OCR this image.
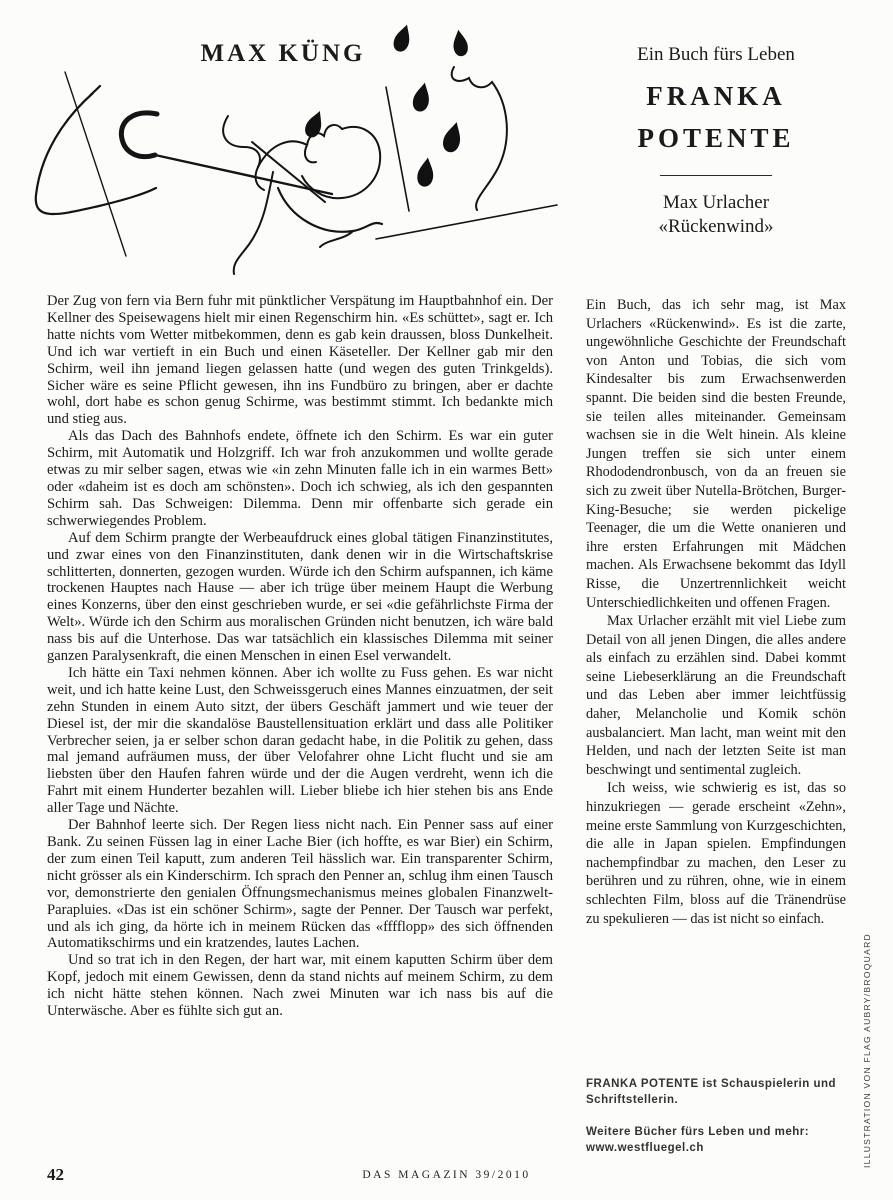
MAX KÜNG

Der Zug von fern via Bern fuhr mit pünktlicher Verspätung im Hauptbahnhof ein. Der Kellner des Speisewagens hielt mir einen Regenschirm hin. «Es schüttet», sagt er. Ich hatte nichts vom Wetter mitbekommen, denn es gab kein draussen, bloss Dunkelheit. Und ich war vertieft in ein Buch und einen Käseteller. Der Kellner gab mir den Schirm, weil ihn jemand liegen gelassen hatte (und wegen des guten Trinkgelds). Sicher wäre es seine Pflicht gewesen, ihn ins Fundbüro zu bringen, aber er dachte wohl, dort habe es schon genug Schirme, was bestimmt stimmt. Ich bedankte mich und stieg aus.

Als das Dach des Bahnhofs endete, öffnete ich den Schirm. Es war ein guter Schirm, mit Automatik und Holzgriff. Ich war froh anzukommen und wollte gerade etwas zu mir selber sagen, etwas wie «in zehn Minuten falle ich in ein warmes Bett» oder «daheim ist es doch am schönsten». Doch ich schwieg, als ich den gespannten Schirm sah. Das Schweigen: Dilemma. Denn mir offenbarte sich gerade ein schwerwiegendes Problem.

Auf dem Schirm prangte der Werbeaufdruck eines global tätigen Finanzinstitutes, und zwar eines von den Finanzinstituten, dank denen wir in die Wirtschaftskrise schlitterten, donnerten, gezogen wurden. Würde ich den Schirm aufspannen, ich käme trockenen Hauptes nach Hause — aber ich trüge über meinem Haupt die Werbung eines Konzerns, über den einst geschrieben wurde, er sei «die gefährlichste Firma der Welt». Würde ich den Schirm aus moralischen Gründen nicht benutzen, ich wäre bald nass bis auf die Unterhose. Das war tatsächlich ein klassisches Dilemma mit seiner ganzen Paralysenkraft, die einen Menschen in einen Esel verwandelt.

Ich hätte ein Taxi nehmen können. Aber ich wollte zu Fuss gehen. Es war nicht weit, und ich hatte keine Lust, den Schweissgeruch eines Mannes einzuatmen, der seit zehn Stunden in einem Auto sitzt, der übers Geschäft jammert und wie teuer der Diesel ist, der mir die skandalöse Baustellensituation erklärt und dass alle Politiker Verbrecher seien, ja er selber schon daran gedacht habe, in die Politik zu gehen, dass mal jemand aufräumen muss, der über Velofahrer ohne Licht flucht und sie am liebsten über den Haufen fahren würde und der die Augen verdreht, wenn ich die Fahrt mit einem Hunderter bezahlen will. Lieber bliebe ich hier stehen bis ans Ende aller Tage und Nächte.

Der Bahnhof leerte sich. Der Regen liess nicht nach. Ein Penner sass auf einer Bank. Zu seinen Füssen lag in einer Lache Bier (ich hoffte, es war Bier) ein Schirm, der zum einen Teil kaputt, zum anderen Teil hässlich war. Ein transparenter Schirm, nicht grösser als ein Kinderschirm. Ich sprach den Penner an, schlug ihm einen Tausch vor, demonstrierte den genialen Öffnungsmechanismus meines globalen Finanzwelt-Parapluies. «Das ist ein schöner Schirm», sagte der Penner. Der Tausch war perfekt, und als ich ging, da hörte ich in meinem Rücken das «fffflopp» des sich öffnenden Automatikschirms und ein kratzendes, lautes Lachen.

Und so trat ich in den Regen, der hart war, mit einem kaputten Schirm über dem Kopf, jedoch mit einem Gewissen, denn da stand nichts auf meinem Schirm, zu dem ich nicht hätte stehen können. Nach zwei Minuten war ich nass bis auf die Unterwäsche. Aber es fühlte sich gut an.

Ein Buch fürs Leben
FRANKA
POTENTE
Max Urlacher
«Rückenwind»

Ein Buch, das ich sehr mag, ist Max Urlachers «Rückenwind». Es ist die zarte, ungewöhnliche Geschichte der Freundschaft von Anton und Tobias, die sich vom Kindesalter bis zum Erwachsenwerden spannt. Die beiden sind die besten Freunde, sie teilen alles miteinander. Gemeinsam wachsen sie in die Welt hinein. Als kleine Jungen treffen sie sich unter einem Rhododendronbusch, von da an freuen sie sich zu zweit über Nutella-Brötchen, Burger-King-Besuche; sie werden pickelige Teenager, die um die Wette onanieren und ihre ersten Erfahrungen mit Mädchen machen. Als Erwachsene bekommt das Idyll Risse, die Unzertrennlichkeit weicht Unterschiedlichkeiten und offenen Fragen.

Max Urlacher erzählt mit viel Liebe zum Detail von all jenen Dingen, die alles andere als einfach zu erzählen sind. Dabei kommt seine Liebeserklärung an die Freundschaft und das Leben aber immer leichtfüssig daher, Melancholie und Komik schön ausbalanciert. Man lacht, man weint mit den Helden, und nach der letzten Seite ist man beschwingt und sentimental zugleich.

Ich weiss, wie schwierig es ist, das so hinzukriegen — gerade erscheint «Zehn», meine erste Sammlung von Kurzgeschichten, die alle in Japan spielen. Empfindungen nachempfindbar zu machen, den Leser zu berühren und zu rühren, ohne, wie in einem schlechten Film, bloss auf die Tränendrüse zu spekulieren — das ist nicht so einfach.

FRANKA POTENTE ist Schauspielerin und Schriftstellerin.

Weitere Bücher fürs Leben und mehr:
www.westfluegel.ch	ILLUSTRATION VON FLAG AUBRY/BROQUARD
42	DAS MAGAZIN 39/2010
